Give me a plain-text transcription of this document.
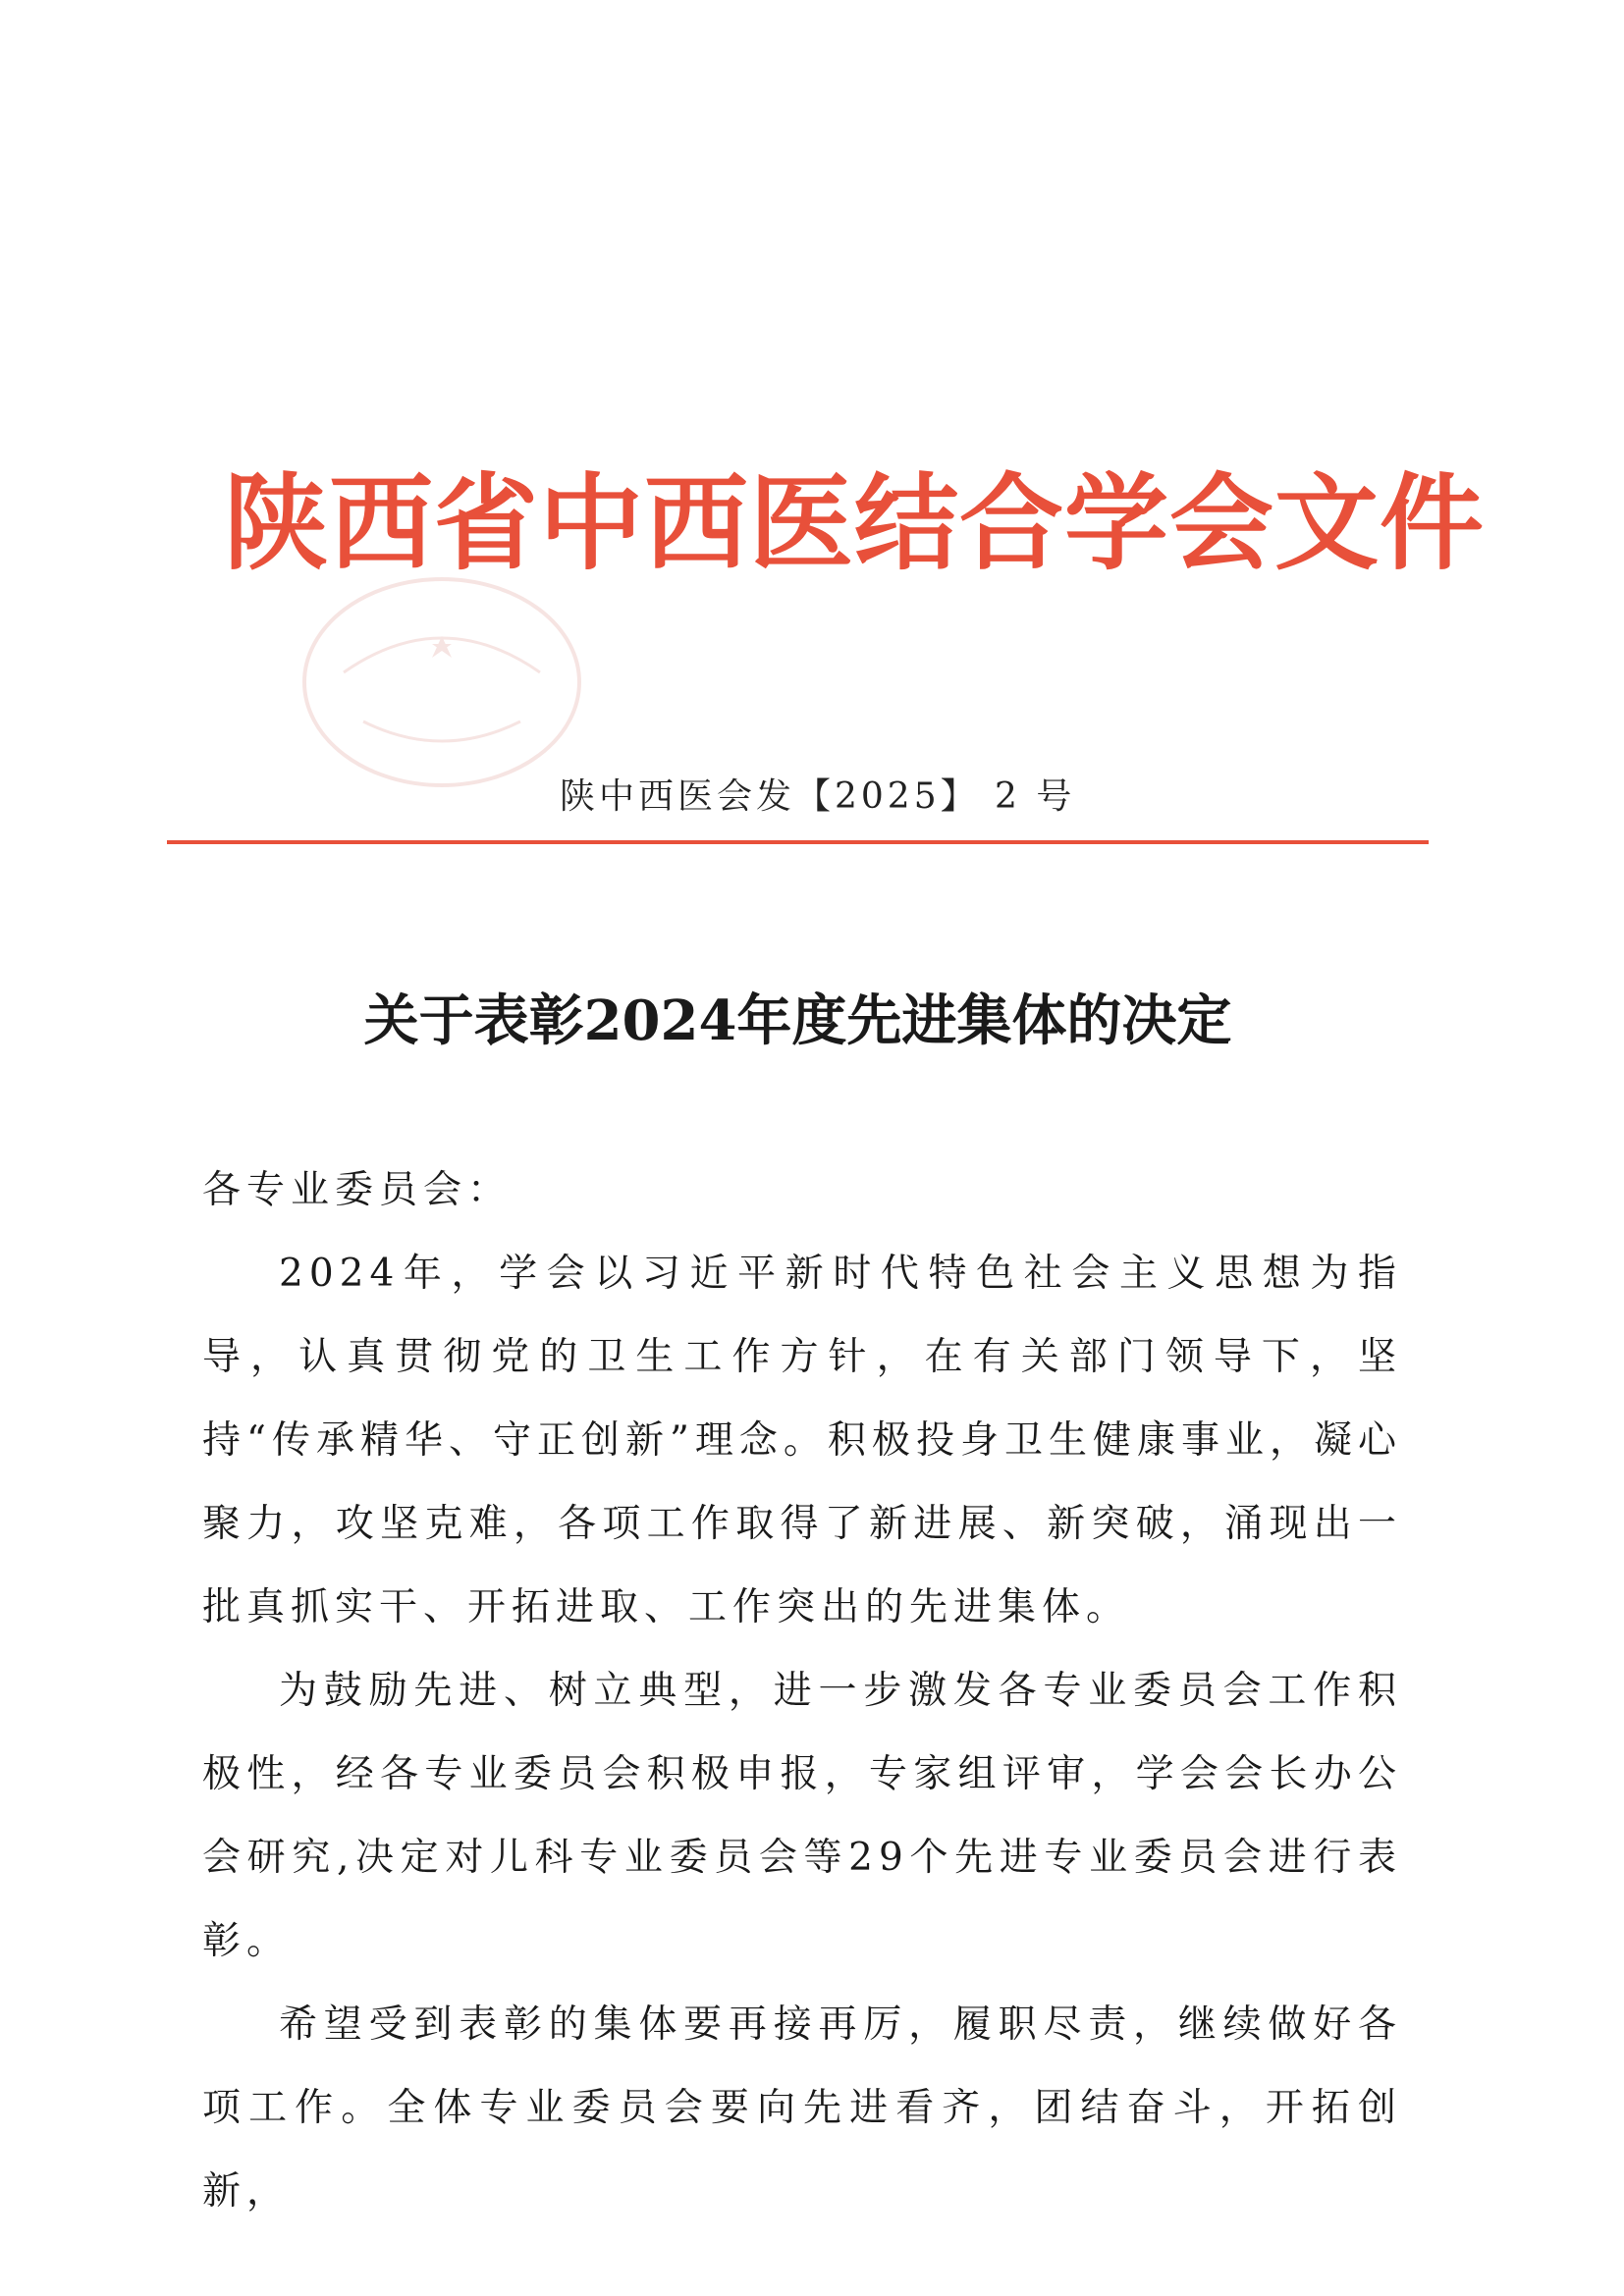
陕西省中西医结合学会文件
陕中西医会发【2025】 2 号
关于表彰2024年度先进集体的决定

各专业委员会：

2024年，学会以习近平新时代特色社会主义思想为指导，认真贯彻党的卫生工作方针，在有关部门领导下，坚持“传承精华、守正创新”理念。积极投身卫生健康事业，凝心聚力，攻坚克难，各项工作取得了新进展、新突破，涌现出一批真抓实干、开拓进取、工作突出的先进集体。

为鼓励先进、树立典型，进一步激发各专业委员会工作积极性，经各专业委员会积极申报，专家组评审，学会会长办公会研究,决定对儿科专业委员会等29个先进专业委员会进行表彰。

希望受到表彰的集体要再接再厉，履职尽责，继续做好各项工作。全体专业委员会要向先进看齐，团结奋斗，开拓创新，
